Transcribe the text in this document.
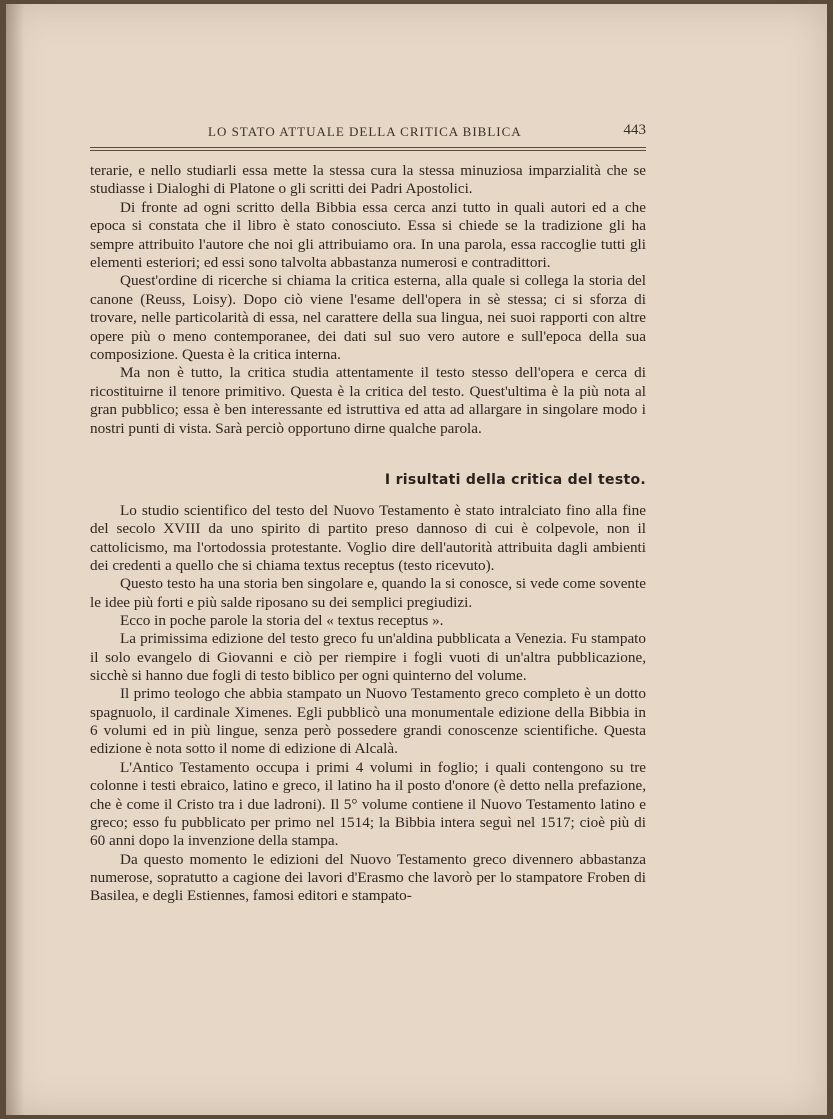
LO STATO ATTUALE DELLA CRITICA BIBLICA	443

terarie, e nello studiarli essa mette la stessa cura la stessa minuziosa imparzialità che se studiasse i Dialoghi di Platone o gli scritti dei Padri Apostolici.

Di fronte ad ogni scritto della Bibbia essa cerca anzi tutto in quali autori ed a che epoca si constata che il libro è stato conosciuto. Essa si chiede se la tradizione gli ha sempre attribuito l'autore che noi gli attribuiamo ora. In una parola, essa raccoglie tutti gli elementi esteriori; ed essi sono talvolta abbastanza numerosi e contradittori.

Quest'ordine di ricerche si chiama la critica esterna, alla quale si collega la storia del canone (Reuss, Loisy). Dopo ciò viene l'esame dell'opera in sè stessa; ci si sforza di trovare, nelle particolarità di essa, nel carattere della sua lingua, nei suoi rapporti con altre opere più o meno contemporanee, dei dati sul suo vero autore e sull'epoca della sua composizione. Questa è la critica interna.

Ma non è tutto, la critica studia attentamente il testo stesso dell'opera e cerca di ricostituirne il tenore primitivo. Questa è la critica del testo. Quest'ultima è la più nota al gran pubblico; essa è ben interessante ed istruttiva ed atta ad allargare in singolare modo i nostri punti di vista. Sarà perciò opportuno dirne qualche parola.

I risultati della critica del testo.

Lo studio scientifico del testo del Nuovo Testamento è stato intralciato fino alla fine del secolo XVIII da uno spirito di partito preso dannoso di cui è colpevole, non il cattolicismo, ma l'ortodossia protestante. Voglio dire dell'autorità attribuita dagli ambienti dei credenti a quello che si chiama textus receptus (testo ricevuto).

Questo testo ha una storia ben singolare e, quando la si conosce, si vede come sovente le idee più forti e più salde riposano su dei semplici pregiudizi.

Ecco in poche parole la storia del « textus receptus ».

La primissima edizione del testo greco fu un'aldina pubblicata a Venezia. Fu stampato il solo evangelo di Giovanni e ciò per riempire i fogli vuoti di un'altra pubblicazione, sicchè si hanno due fogli di testo biblico per ogni quinterno del volume.

Il primo teologo che abbia stampato un Nuovo Testamento greco completo è un dotto spagnuolo, il cardinale Ximenes. Egli pubblicò una monumentale edizione della Bibbia in 6 volumi ed in più lingue, senza però possedere grandi conoscenze scientifiche. Questa edizione è nota sotto il nome di edizione di Alcalà.

L'Antico Testamento occupa i primi 4 volumi in foglio; i quali contengono su tre colonne i testi ebraico, latino e greco, il latino ha il posto d'onore (è detto nella prefazione, che è come il Cristo tra i due ladroni). Il 5° volume contiene il Nuovo Testamento latino e greco; esso fu pubblicato per primo nel 1514; la Bibbia intera seguì nel 1517; cioè più di 60 anni dopo la invenzione della stampa.

Da questo momento le edizioni del Nuovo Testamento greco divennero abbastanza numerose, sopratutto a cagione dei lavori d'Erasmo che lavorò per lo stampatore Froben di Basilea, e degli Estiennes, famosi editori e stampato-
